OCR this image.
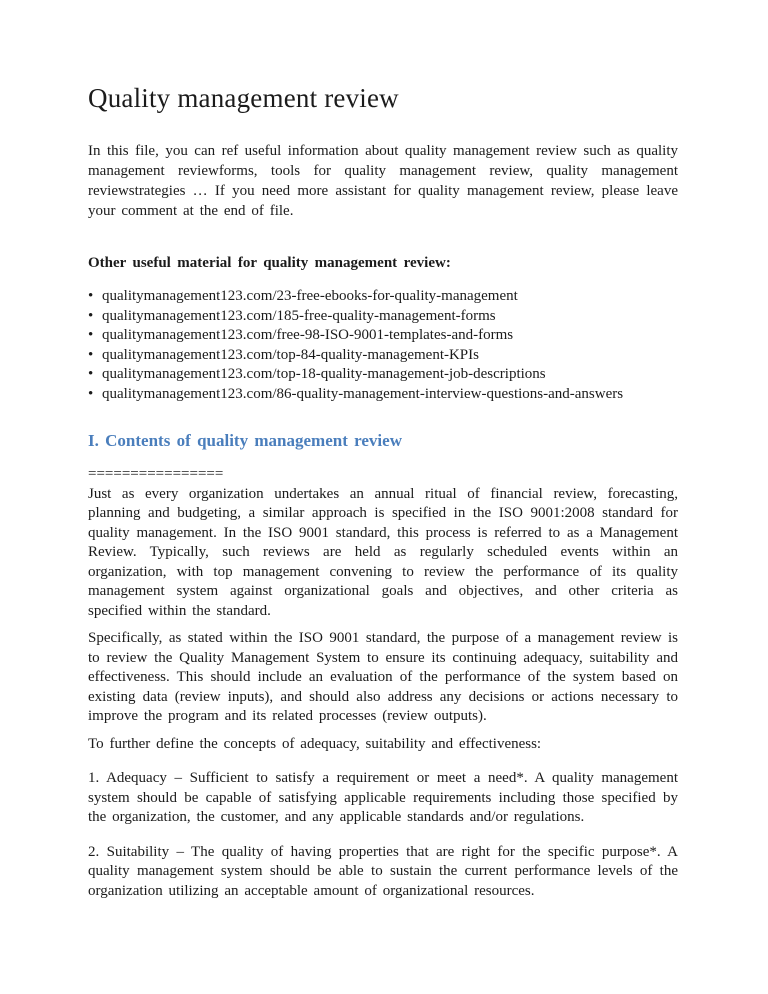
Quality management review

In this file, you can ref useful information about quality management review such as quality management reviewforms, tools for quality management review, quality management reviewstrategies … If you need more assistant for quality management review, please leave your comment at the end of file.

Other useful material for quality management review:

• qualitymanagement123.com/23-free-ebooks-for-quality-management
• qualitymanagement123.com/185-free-quality-management-forms
• qualitymanagement123.com/free-98-ISO-9001-templates-and-forms
• qualitymanagement123.com/top-84-quality-management-KPIs
• qualitymanagement123.com/top-18-quality-management-job-descriptions
• qualitymanagement123.com/86-quality-management-interview-questions-and-answers
I. Contents of quality management review
================

Just as every organization undertakes an annual ritual of financial review, forecasting, planning and budgeting, a similar approach is specified in the ISO 9001:2008 standard for quality management. In the ISO 9001 standard, this process is referred to as a Management Review. Typically, such reviews are held as regularly scheduled events within an organization, with top management convening to review the performance of its quality management system against organizational goals and objectives, and other criteria as specified within the standard.

Specifically, as stated within the ISO 9001 standard, the purpose of a management review is to review the Quality Management System to ensure its continuing adequacy, suitability and effectiveness. This should include an evaluation of the performance of the system based on existing data (review inputs), and should also address any decisions or actions necessary to improve the program and its related processes (review outputs).

To further define the concepts of adequacy, suitability and effectiveness:

1. Adequacy – Sufficient to satisfy a requirement or meet a need*. A quality management system should be capable of satisfying applicable requirements including those specified by the organization, the customer, and any applicable standards and/or regulations.

2. Suitability – The quality of having properties that are right for the specific purpose*. A quality management system should be able to sustain the current performance levels of the organization utilizing an acceptable amount of organizational resources.
